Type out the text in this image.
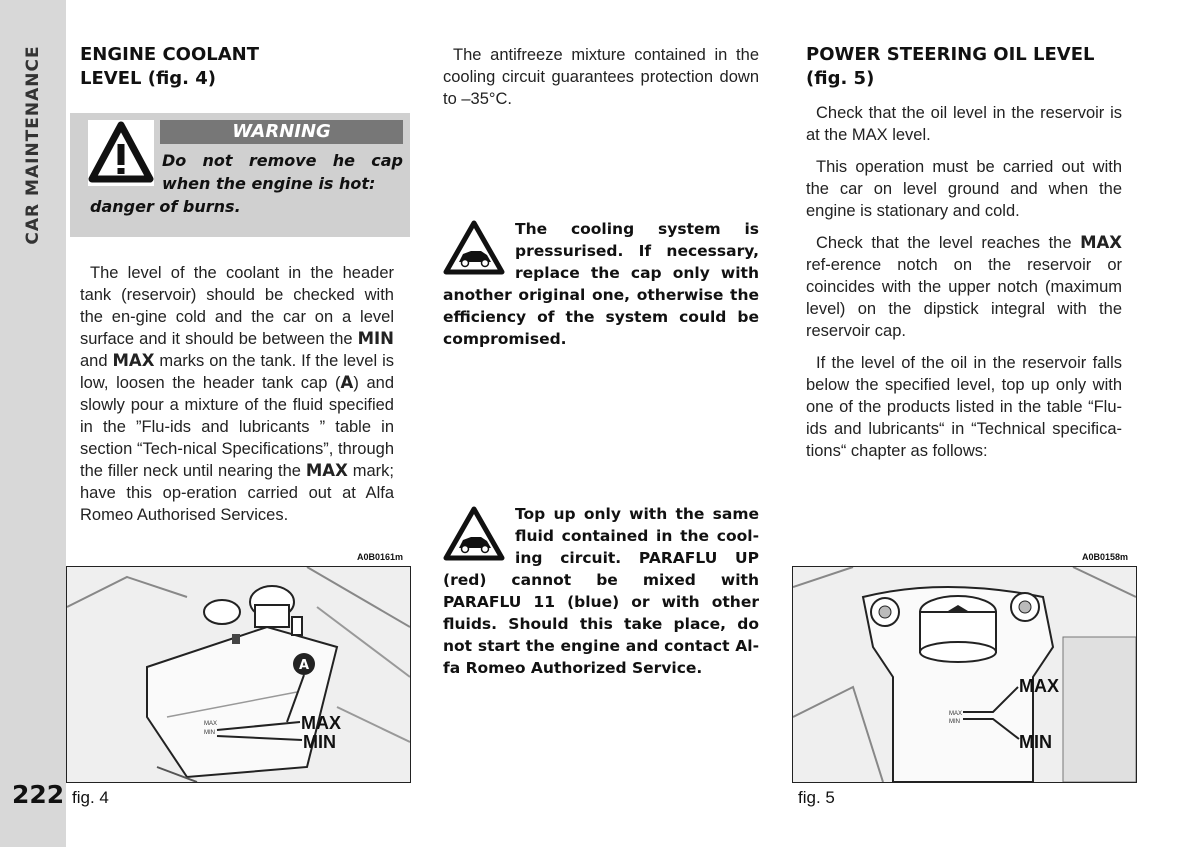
CAR MAINTENANCE
222
ENGINE COOLANT
LEVEL (fig. 4)
WARNING
Do not remove he cap when the engine is hot:
danger of burns.

The level of the coolant in the header tank (reservoir) should be checked with the en-gine cold and the car on a level surface and it should be between the MIN and MAX marks on the tank. If the level is low, loosen the header tank cap (A) and slowly pour a mixture of the fluid specified in the ”Flu-ids and lubricants ” table in section “Tech-nical Specifications”, through the filler neck until nearing the MAX mark; have this op-eration carried out at Alfa Romeo Authorised Services.

A0B0161m
A
MAX
MIN	MAX
MIN
fig. 4

The antifreeze mixture contained in the cooling circuit guarantees protection down to –35°C.

The cooling system is pressurised. If necessary, replace the cap only with another original one, otherwise the efficiency of the system could be compromised.
Top up only with the same fluid contained in the cool-ing circuit. PARAFLU UP (red) cannot be mixed with PARAFLU 11 (blue) or with other fluids. Should this take place, do not start the engine and contact Al-fa Romeo Authorized Service.
POWER STEERING OIL LEVEL
(fig. 5)

Check that the oil level in the reservoir is at the MAX level.

This operation must be carried out with the car on level ground and when the engine is stationary and cold.

Check that the level reaches the MAX ref-erence notch on the reservoir or coincides with the upper notch (maximum level) on the dipstick integral with the reservoir cap.

If the level of the oil in the reservoir falls below the specified level, top up only with one of the products listed in the table “Flu-ids and lubricants“ in “Technical specifica-tions“ chapter as follows:

A0B0158m
MAX
MIN
MAX
MIN
fig. 5
